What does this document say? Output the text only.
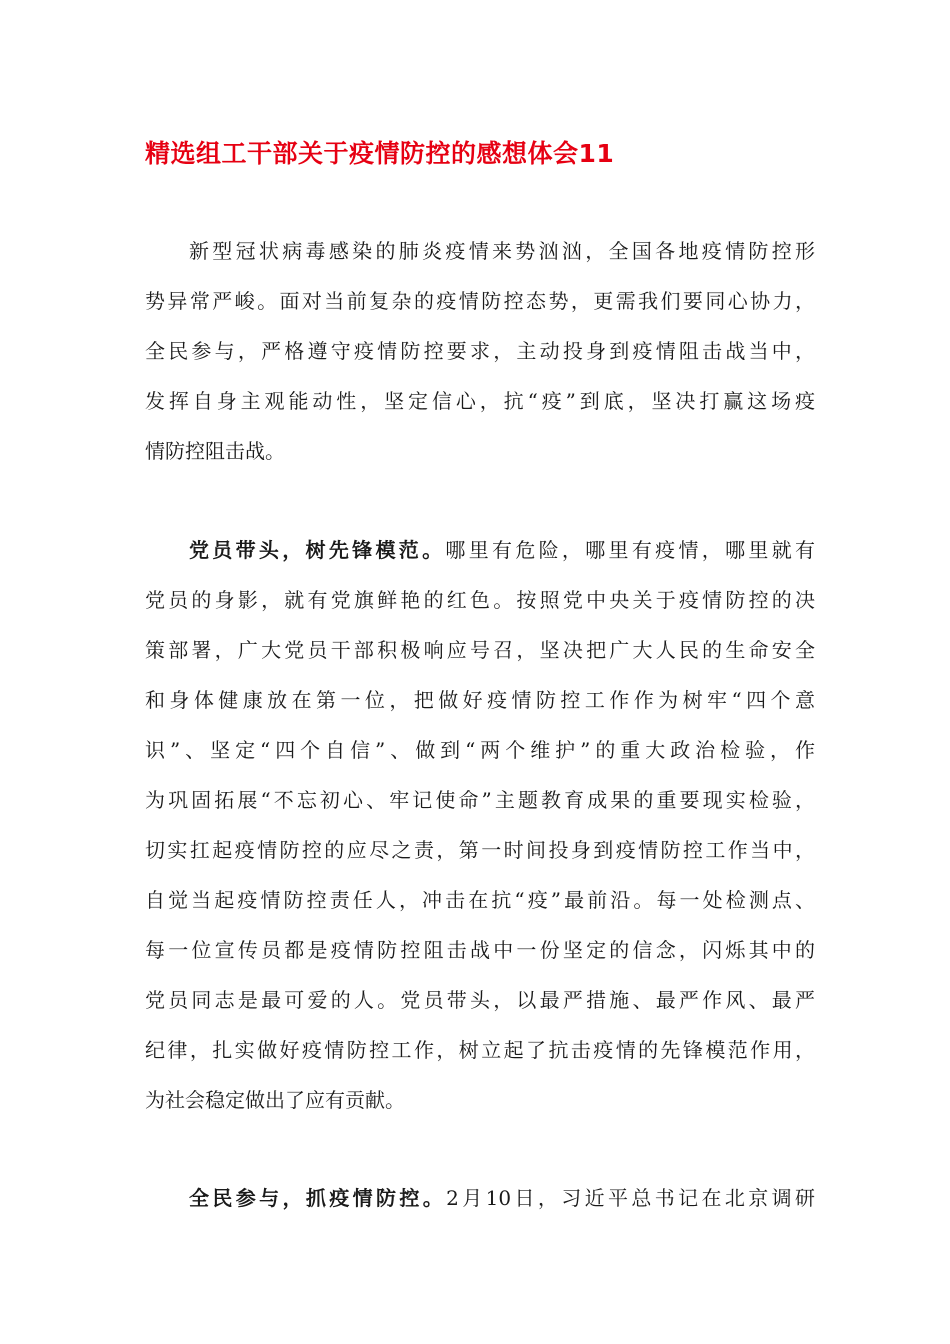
精选组工干部关于疫情防控的感想体会11
新型冠状病毒感染的肺炎疫情来势汹汹，全国各地疫情防控形
势异常严峻。面对当前复杂的疫情防控态势，更需我们要同心协力，
全民参与，严格遵守疫情防控要求，主动投身到疫情阻击战当中，
发挥自身主观能动性，坚定信心，抗“疫”到底，坚决打赢这场疫
情防控阻击战。
党员带头，树先锋模范。哪里有危险，哪里有疫情，哪里就有
党员的身影，就有党旗鲜艳的红色。按照党中央关于疫情防控的决
策部署，广大党员干部积极响应号召，坚决把广大人民的生命安全
和身体健康放在第一位，把做好疫情防控工作作为树牢“四个意
识”、坚定“四个自信”、做到“两个维护”的重大政治检验，作
为巩固拓展“不忘初心、牢记使命”主题教育成果的重要现实检验，
切实扛起疫情防控的应尽之责，第一时间投身到疫情防控工作当中，
自觉当起疫情防控责任人，冲击在抗“疫”最前沿。每一处检测点、
每一位宣传员都是疫情防控阻击战中一份坚定的信念，闪烁其中的
党员同志是最可爱的人。党员带头，以最严措施、最严作风、最严
纪律，扎实做好疫情防控工作，树立起了抗击疫情的先锋模范作用，
为社会稳定做出了应有贡献。
全民参与，抓疫情防控。2月10日，习近平总书记在北京调研
